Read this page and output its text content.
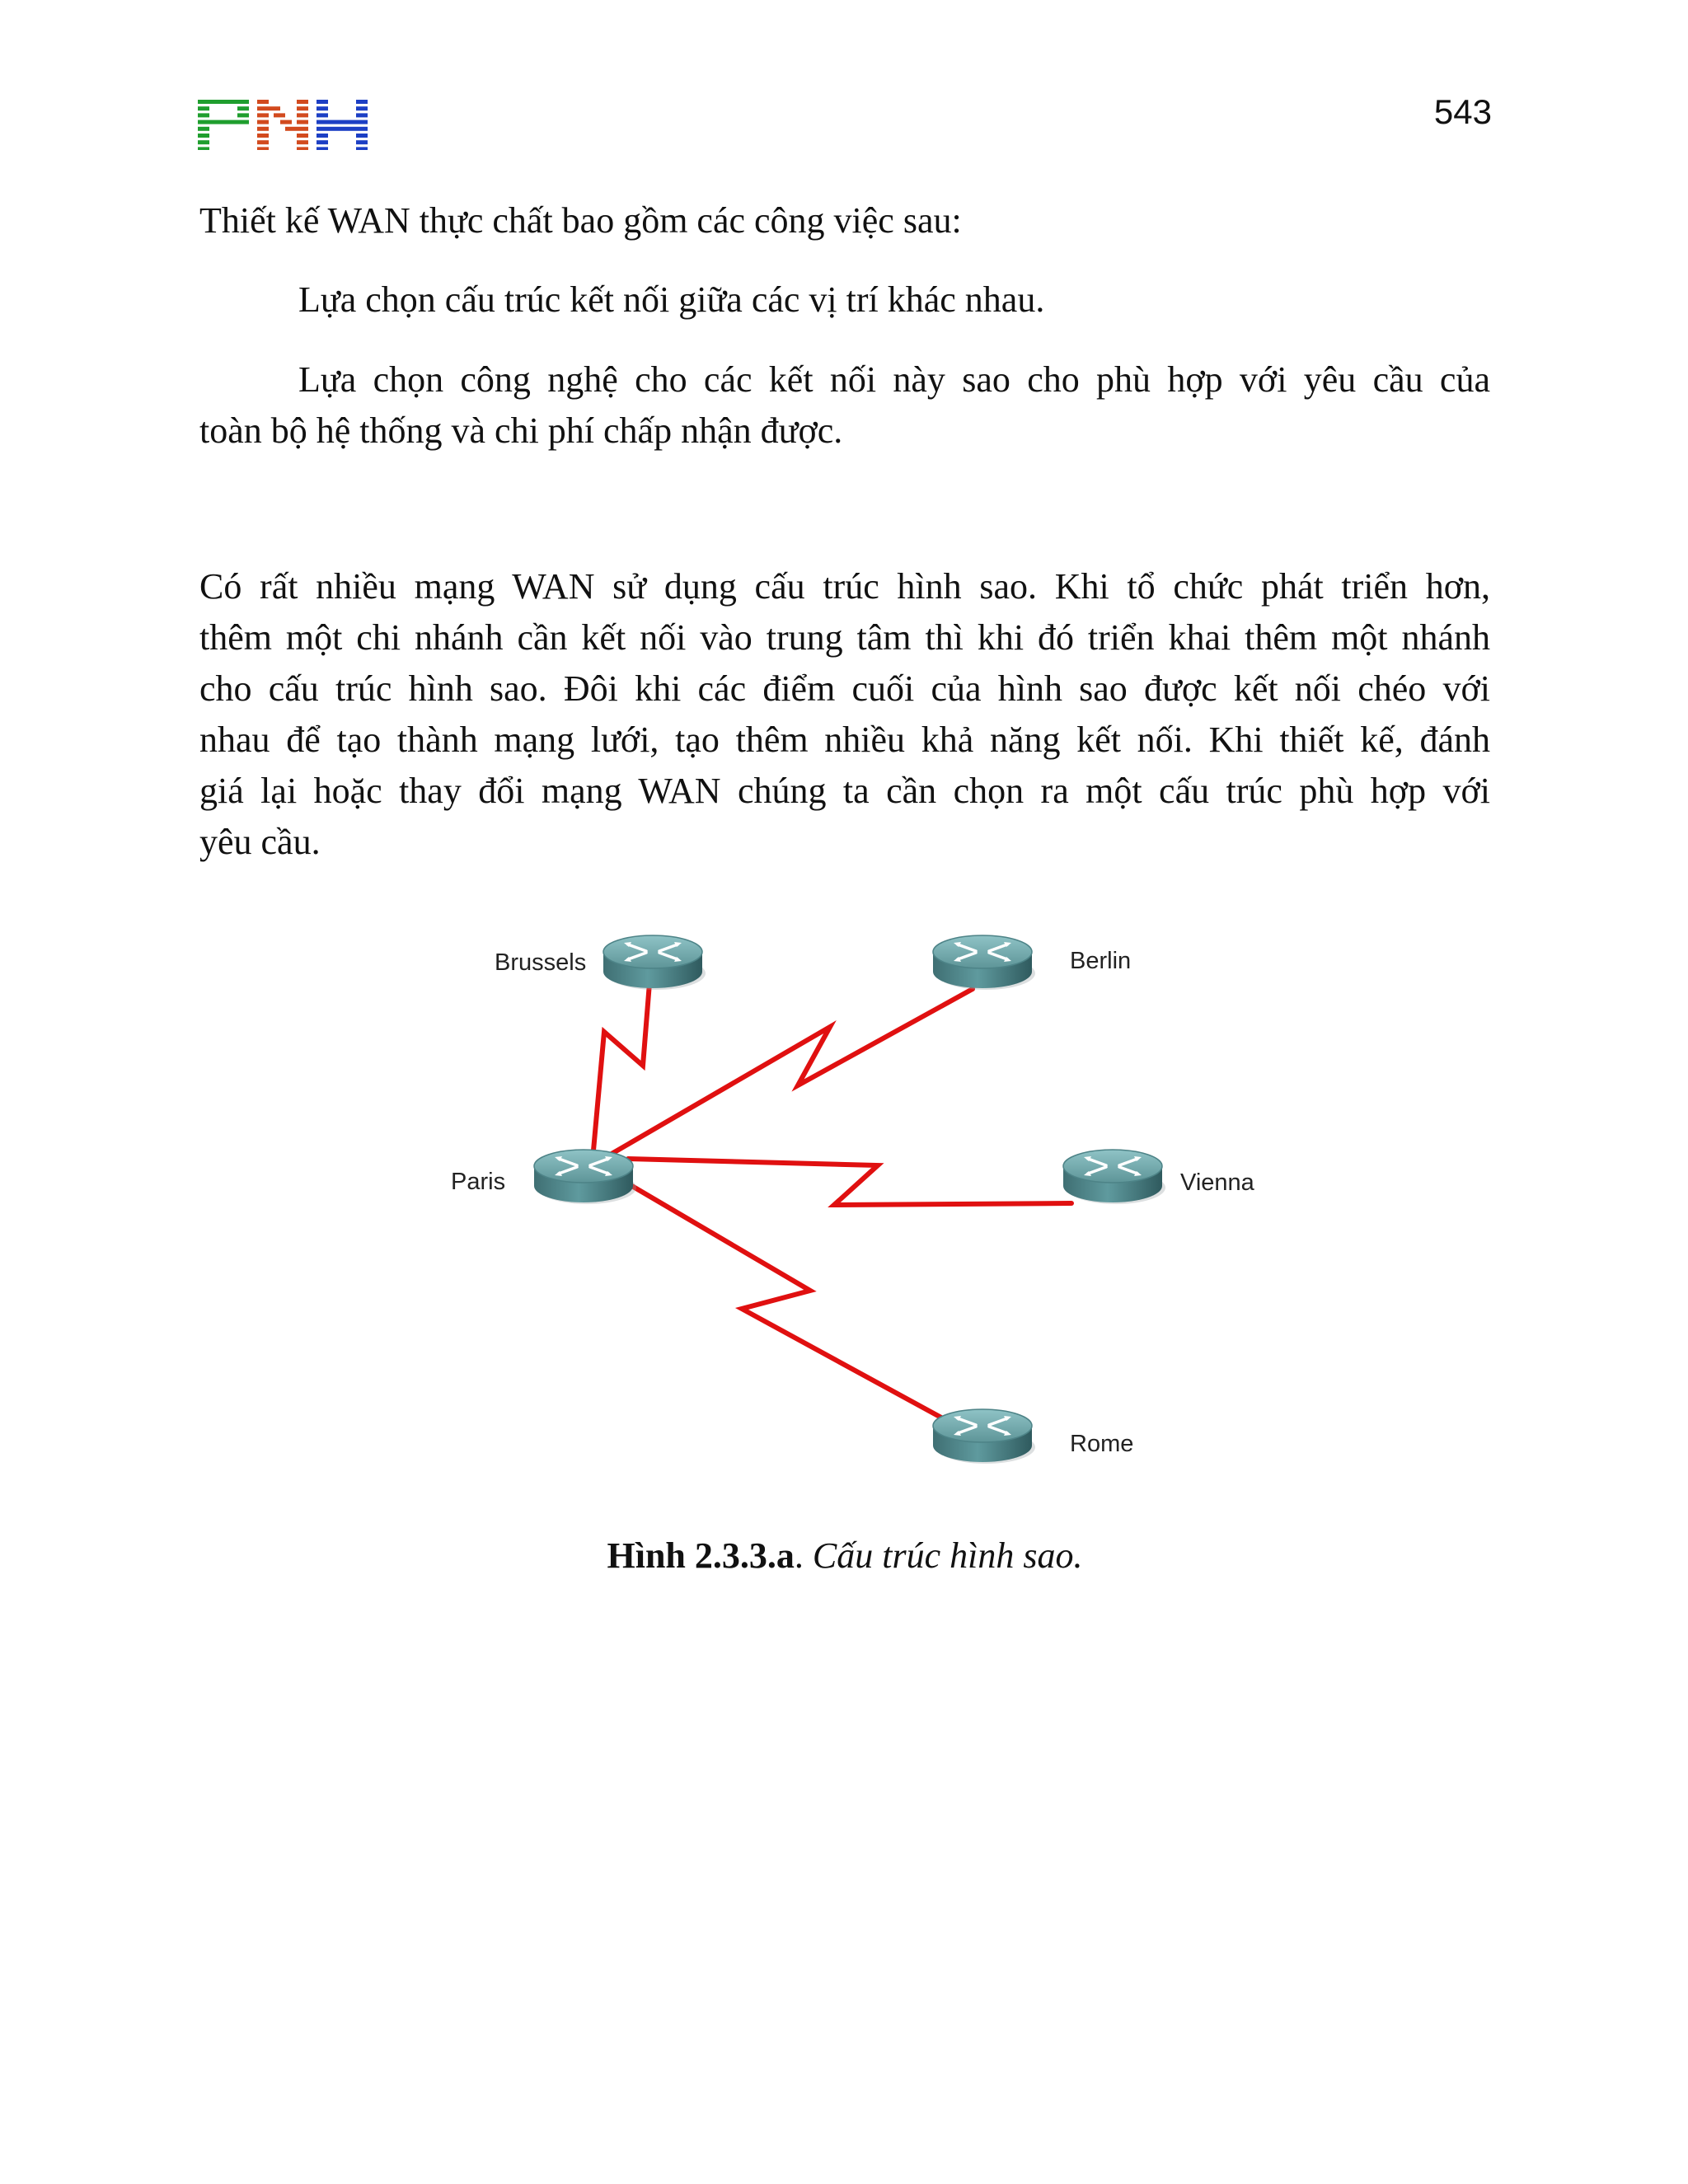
543
Thiết kế WAN thực chất bao gồm các công việc sau:
Lựa chọn cấu trúc kết nối giữa các vị trí khác nhau.
Lựa chọn công nghệ cho các kết nối này sao cho phù hợp với yêu cầu của
toàn bộ hệ thống và chi phí chấp nhận được.
Có rất nhiều mạng WAN sử dụng cấu trúc hình sao. Khi tổ chức phát triển hơn,
thêm một chi nhánh cần kết nối vào trung tâm thì khi đó triển khai thêm một nhánh
cho cấu trúc hình sao. Đôi khi các điểm cuối của hình sao được kết nối chéo với
nhau để tạo thành mạng lưới, tạo thêm nhiều khả năng kết nối. Khi thiết kế, đánh
giá lại hoặc thay đổi mạng WAN chúng ta cần chọn ra một cấu trúc phù hợp với
yêu cầu.
Brussels	Berlin
Paris	Vienna
Rome
Hình 2.3.3.a. Cấu trúc hình sao.
